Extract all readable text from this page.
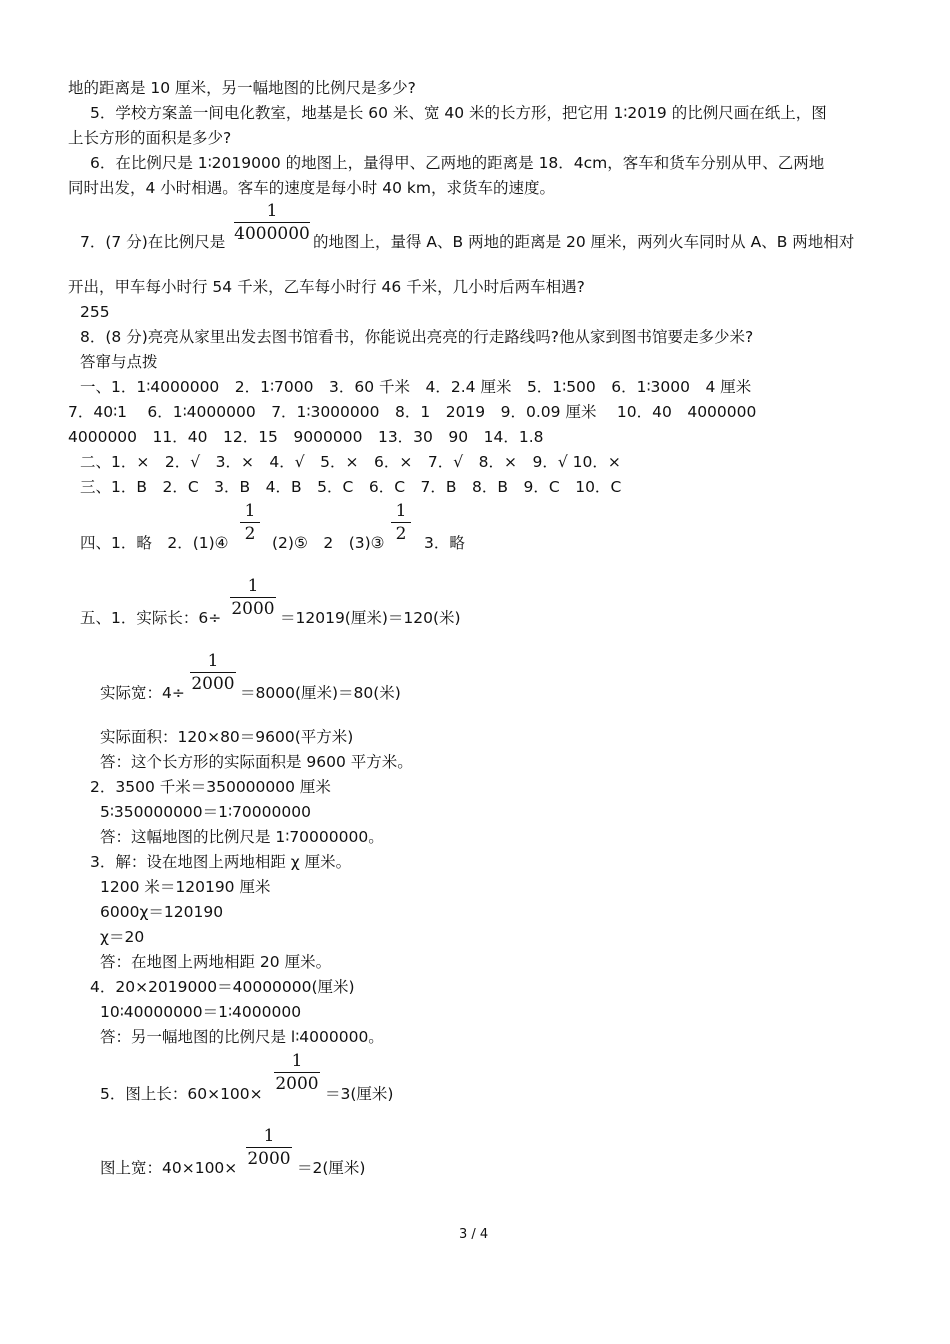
地的距离是 10 厘米，另一幅地图的比例尺是多少?
5．学校方案盖一间电化教室，地基是长 60 米、宽 40 米的长方形，把它用 1∶2019 的比例尺画在纸上，图
上长方形的面积是多少?
6．在比例尺是 1∶2019000 的地图上，量得甲、乙两地的距离是 18．4cm，客车和货车分别从甲、乙两地
同时出发，4 小时相遇。客车的速度是每小时 40 km，求货车的速度。
7．(7 分)在比例尺是 $\frac{1}{4000000}$ 的地图上，量得 A、B 两地的距离是 20 厘米，两列火车同时从 A、B 两地相对
开出，甲车每小时行 54 千米，乙车每小时行 46 千米，几小时后两车相遇?
255
8．(8 分)亮亮从家里出发去图书馆看书，你能说出亮亮的行走路线吗?他从家到图书馆要走多少米?
答窜与点拨
一、1．1∶4000000　2．1∶7000　3．60 千米　4．2.4 厘米　5．1∶500　6．1∶3000　4 厘米
7．40∶1　 6．1∶4000000　7．1∶3000000　8．1　2019　9．0.09 厘米　 10．40　4000000
4000000　11．40　12．15　9000000　13．30　90　14．1.8
二、1．×　2．√　3．×　4．√　5．×　6．×　7．√　8．×　9．√ 10．×
三、1．B　2．C　3．B　4．B　5．C　6．C　7．B　8．B　9．C　10．C
四、1．略　2．(1)④ $\frac{1}{2}$ (2)⑤　2　(3)③ $\frac{1}{2} 3$．略
五、1．实际长：$6\div \frac{1}{2000} =12019$(厘米)＝120(米)
实际宽：$4\div \frac{1}{2000} =8000$(厘米)＝80(米)
实际面积：120×80＝9600(平方米)
答：这个长方形的实际面积是 9600 平方米。
2．3500 千米＝350000000 厘米
5∶350000000＝1∶70000000
答：这幅地图的比例尺是 1∶70000000。
3．解：设在地图上两地相距 χ 厘米。
1200 米＝120190 厘米
6000χ＝120190
χ＝20
答：在地图上两地相距 20 厘米。
4．20×2019000＝40000000(厘米)
10∶40000000＝1∶4000000
答：另一幅地图的比例尺是 l∶4000000。
5．图上长：$60\times 100\times \frac{1}{2000} =3$(厘米)
图上宽：$40\times 100\times \frac{1}{2000} =2$(厘米)
3 / 4
